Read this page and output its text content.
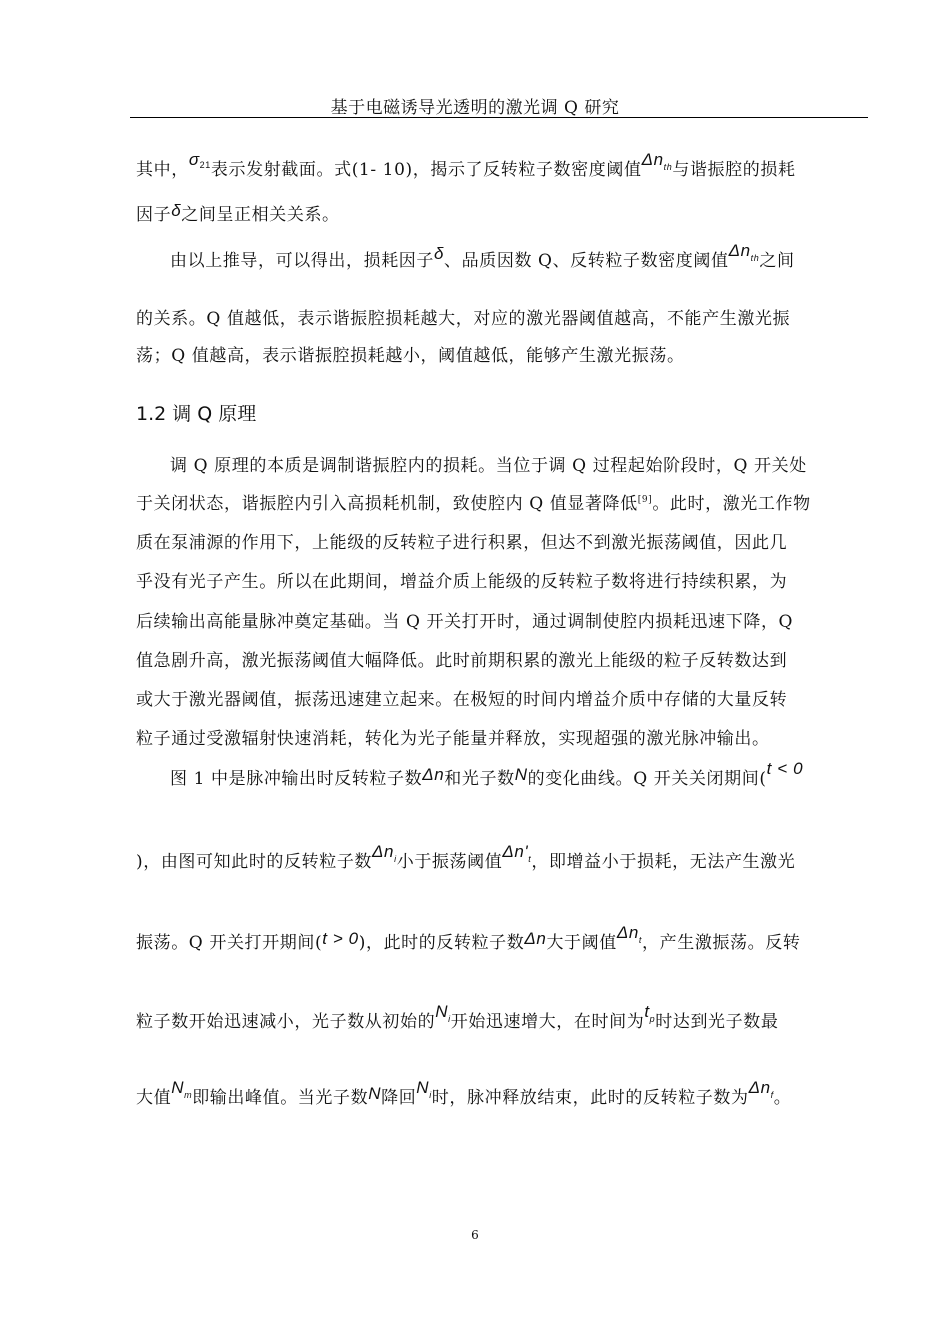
基于电磁诱导光透明的激光调 Q 研究
其中，σ21表示发射截面。式(1- 10)，揭示了反转粒子数密度阈值$\Delta n_{th}$与谐振腔的损耗
因子δ之间呈正相关关系。
由以上推导，可以得出，损耗因子δ、品质因数 Q、反转粒子数密度阈值$\Delta n_{th}$之间
的关系。Q 值越低，表示谐振腔损耗越大，对应的激光器阈值越高，不能产生激光振
荡；Q 值越高，表示谐振腔损耗越小，阈值越低，能够产生激光振荡。
1.2 调 Q 原理
调 Q 原理的本质是调制谐振腔内的损耗。当位于调 Q 过程起始阶段时，Q 开关处
于关闭状态，谐振腔内引入高损耗机制，致使腔内 Q 值显著降低[9]。此时，激光工作物
质在泵浦源的作用下，上能级的反转粒子进行积累，但达不到激光振荡阈值，因此几
乎没有光子产生。所以在此期间，增益介质上能级的反转粒子数将进行持续积累，为
后续输出高能量脉冲奠定基础。当 Q 开关打开时，通过调制使腔内损耗迅速下降，Q
值急剧升高，激光振荡阈值大幅降低。此时前期积累的激光上能级的粒子反转数达到
或大于激光器阈值，振荡迅速建立起来。在极短的时间内增益介质中存储的大量反转
粒子通过受激辐射快速消耗，转化为光子能量并释放，实现超强的激光脉冲输出。
图 1 中是脉冲输出时反转粒子数Δn和光子数N的变化曲线。Q 开关关闭期间(t < 0
)，由图可知此时的反转粒子数$\Delta n_i$小于振荡阈值$\Delta n'_t$，即增益小于损耗，无法产生激光
振荡。Q 开关打开期间(t > 0)，此时的反转粒子数Δn大于阈值$\Delta n_t$，产生激振荡。反转
粒子数开始迅速减小，光子数从初始的$N_i$开始迅速增大，在时间为$t_p$时达到光子数最
大值$N_m$即输出峰值。当光子数N降回$N_i$时，脉冲释放结束，此时的反转粒子数为$\Delta n_f$。
6
